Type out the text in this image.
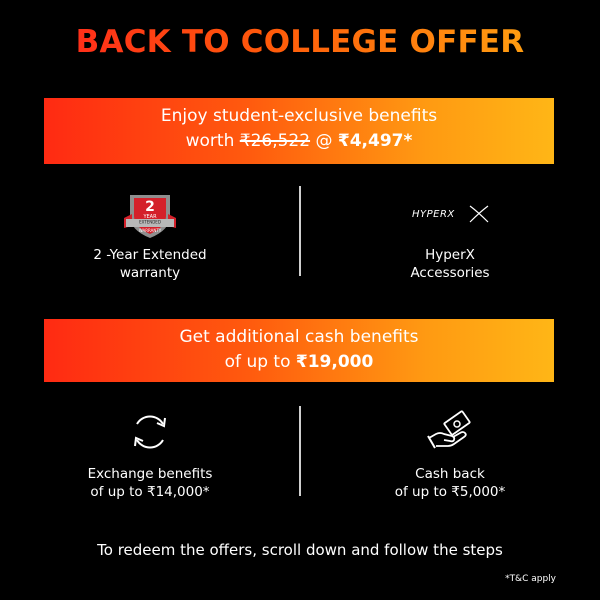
BACK TO COLLEGE OFFER
Enjoy student-exclusive benefits
worth ₹26,522 @ ₹4,497*
2
YEAR
EXTENDED
WARRANTY
2 -Year Extended
warranty
HYPERX
HyperX
Accessories
Get additional cash benefits
of up to ₹19,000
Exchange benefits
of up to ₹14,000*
Cash back
of up to ₹5,000*
To redeem the offers, scroll down and follow the steps
*T&C apply
